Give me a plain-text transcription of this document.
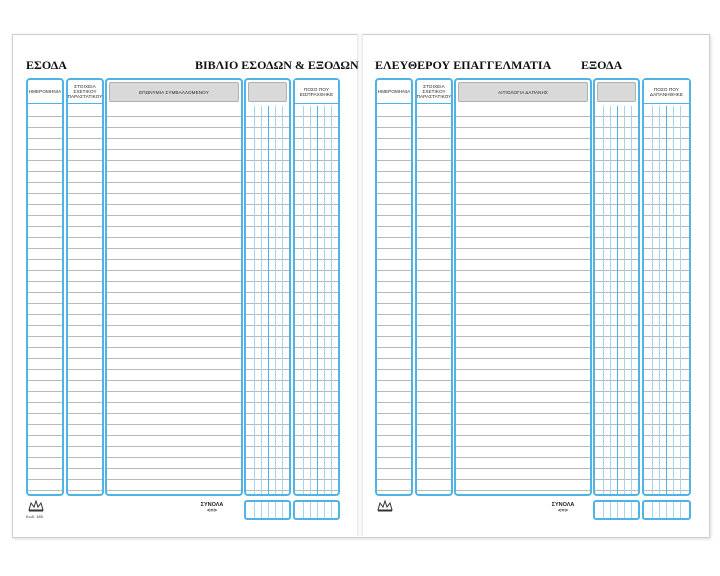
ΕΣΟΔΑ	ΒΙΒΛΙΟ ΕΣΟΔΩΝ & ΕΞΟΔΩΝ
ΗΜΕΡΟΜΗΝΙΑ
ΣΤΟΙΧΕΙΑ ΣΧΕΤΙΚΟΥ ΠΑΡΑΣΤΑΤΙΚΟΥ
ΕΠΩΝΥΜΙΑ ΣΥΜΒΑΛΛΟΜΕΝΟΥ
ΠΟΣΟ ΠΟΥ ΕΙΣΠΡΑΧΘΗΚΕ
ΣΥΝΟΛΑ
<=>
Κωδ. 185
ΕΛΕΥΘΕΡΟΥ ΕΠΑΓΓΕΛΜΑΤΙΑ ΕΞΟΔΑ
ΗΜΕΡΟΜΗΝΙΑ
ΣΤΟΙΧΕΙΑ ΣΧΕΤΙΚΟΥ ΠΑΡΑΣΤΑΤΙΚΟΥ
ΑΙΤΙΟΛΟΓΙΑ ΔΑΠΑΝΗΣ
ΠΟΣΟ ΠΟΥ ΔΑΠΑΝΗΘΗΚΕ
ΣΥΝΟΛΑ
<=>
